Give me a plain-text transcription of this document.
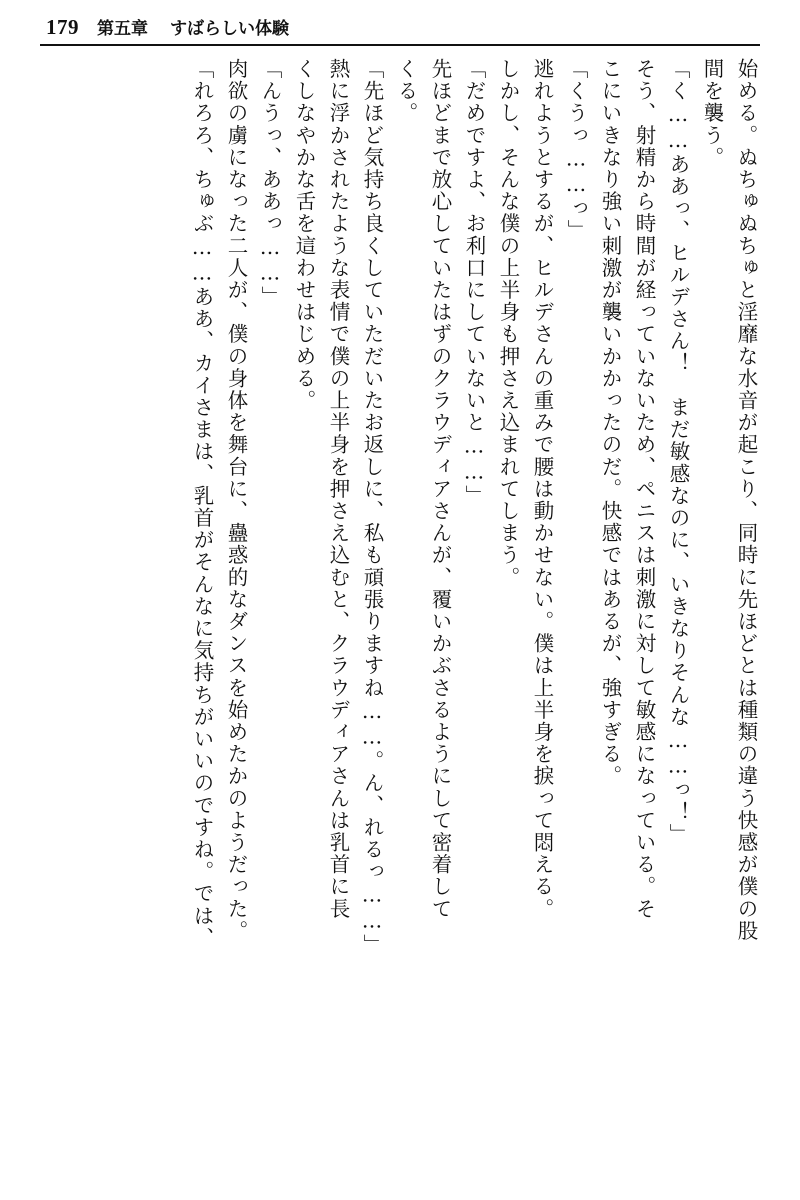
179 第五章 すばらしい体験
始める。ぬちゅぬちゅと淫靡な水音が起こり、同時に先ほどとは種類の違う快感が僕の股
間を襲う。
「く……ああっ、ヒルデさん！　まだ敏感なのに、いきなりそんな……っ！」
そう、射精から時間が経っていないため、ペニスは刺激に対して敏感になっている。そ
こにいきなり強い刺激が襲いかかったのだ。快感ではあるが、強すぎる。
「くうっ……っ」
逃れようとするが、ヒルデさんの重みで腰は動かせない。僕は上半身を捩って悶える。
しかし、そんな僕の上半身も押さえ込まれてしまう。
「だめですよ、お利口にしていないと……」
先ほどまで放心していたはずのクラウディアさんが、覆いかぶさるようにして密着して
くる。
「先ほど気持ち良くしていただいたお返しに、私も頑張りますね……。ん、れるっ……」
熱に浮かされたような表情で僕の上半身を押さえ込むと、クラウディアさんは乳首に長
くしなやかな舌を這わせはじめる。
「んうっ、ああっ……」
肉欲の虜になった二人が、僕の身体を舞台に、蠱惑的なダンスを始めたかのようだった。
「れろろ、ちゅぶ……ああ、カイさまは、乳首がそんなに気持ちがいいのですね。では、
